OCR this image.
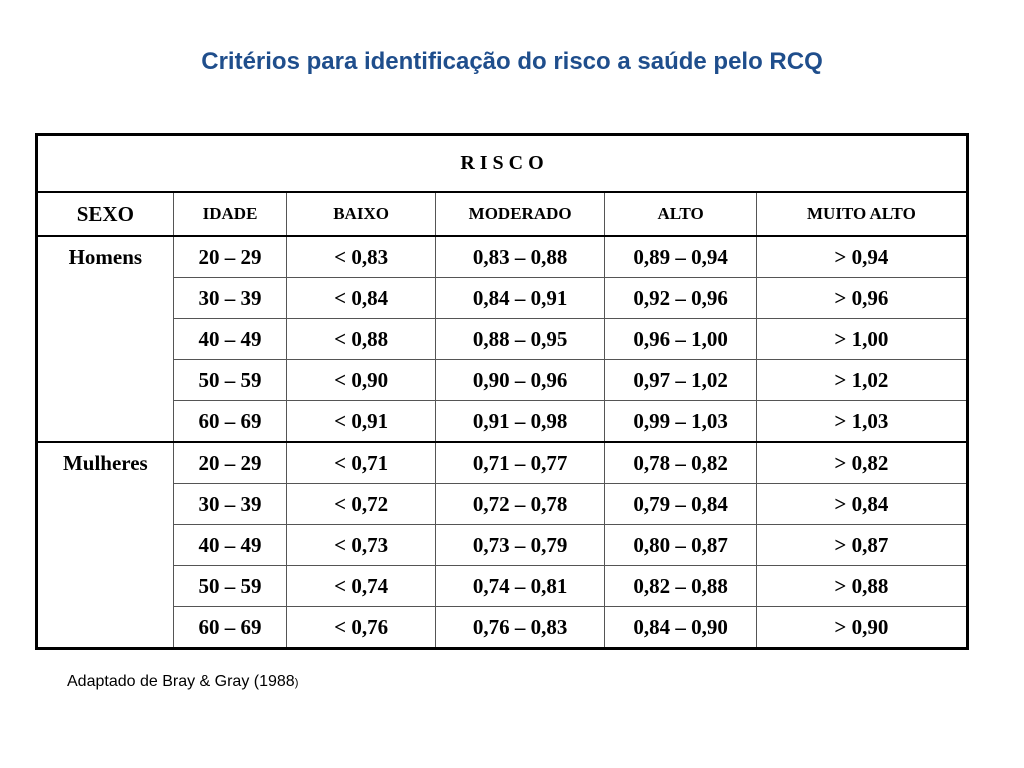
Critérios para identificação do risco a saúde pelo RCQ
R I S C O					
SEXO	IDADE	BAIXO	MODERADO	ALTO	MUITO ALTO
Homens	20 – 29	< 0,83	0,83 – 0,88	0,89 – 0,94	> 0,94
	30 – 39	< 0,84	0,84 – 0,91	0,92 – 0,96	> 0,96
	40 – 49	< 0,88	0,88 – 0,95	0,96 – 1,00	> 1,00
	50 – 59	< 0,90	0,90 – 0,96	0,97 – 1,02	> 1,02
	60 – 69	< 0,91	0,91 – 0,98	0,99 – 1,03	> 1,03
Mulheres	20 – 29	< 0,71	0,71 – 0,77	0,78 – 0,82	> 0,82
	30 – 39	< 0,72	0,72 – 0,78	0,79 – 0,84	> 0,84
	40 – 49	< 0,73	0,73 – 0,79	0,80 – 0,87	> 0,87
	50 – 59	< 0,74	0,74 – 0,81	0,82 – 0,88	> 0,88
	60 – 69	< 0,76	0,76 – 0,83	0,84 – 0,90	> 0,90
Adaptado de Bray & Gray (1988)
